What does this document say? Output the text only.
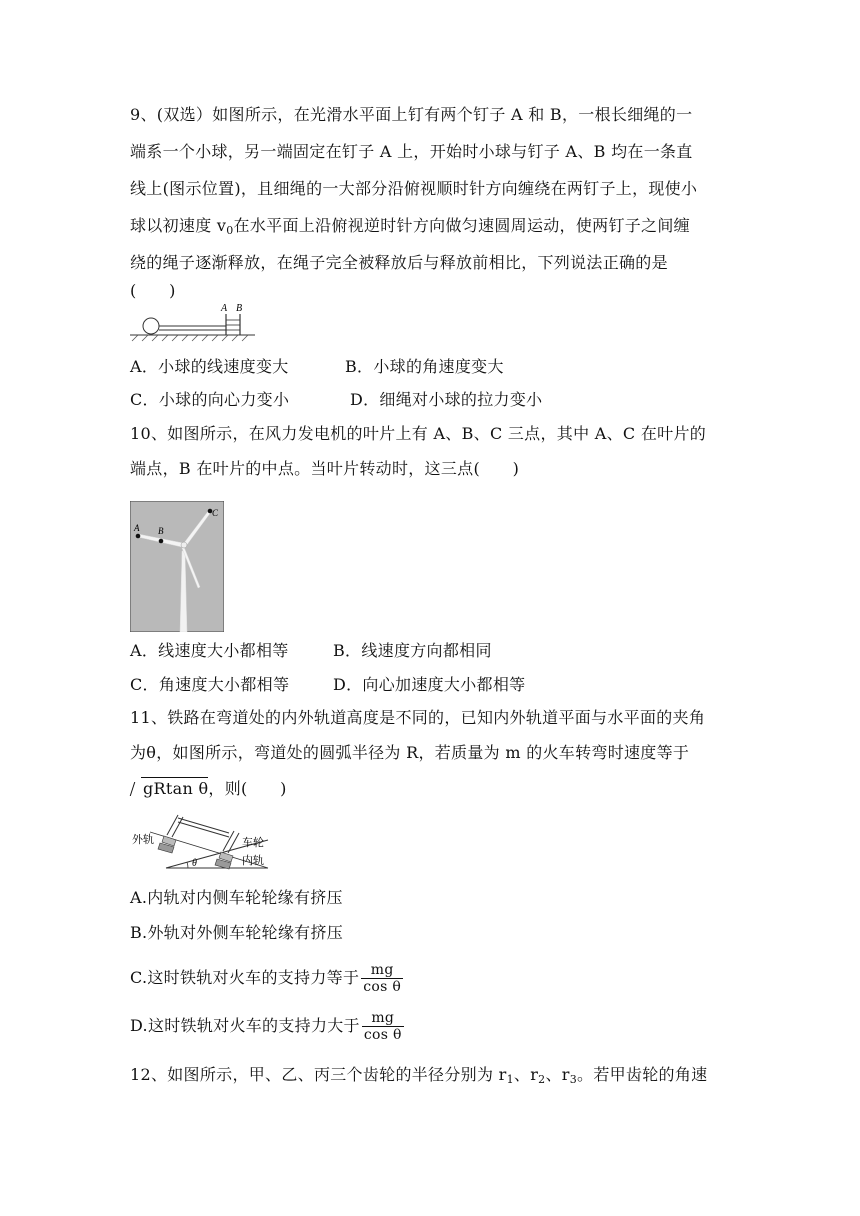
9、(双选）如图所示，在光滑水平面上钉有两个钉子 A 和 B，一根长细绳的一
端系一个小球，另一端固定在钉子 A 上，开始时小球与钉子 A、B 均在一条直
线上(图示位置)，且细绳的一大部分沿俯视顺时针方向缠绕在两钉子上，现使小
球以初速度 $v_0$在水平面上沿俯视逆时针方向做匀速圆周运动，使两钉子之间缠
绕的绳子逐渐释放，在绳子完全被释放后与释放前相比，下列说法正确的是
(　　)
A B
A．小球的线速度变大	B．小球的角速度变大
C．小球的向心力变小	D．细绳对小球的拉力变小
10、如图所示，在风力发电机的叶片上有 A、B、C 三点，其中 A、C 在叶片的
端点，B 在叶片的中点。当叶片转动时，这三点(　　)
A B
C
A．线速度大小都相等	B．线速度方向都相同
C．角速度大小都相等	D．向心加速度大小都相等
11、铁路在弯道处的内外轨道高度是不同的，已知内外轨道平面与水平面的夹角
为θ，如图所示，弯道处的圆弧半径为 R，若质量为 m 的火车转弯时速度等于
gRtan θ，则(　　)
θ
外轨	车轮
内轨
A.内轨对内侧车轮轮缘有挤压
B.外轨对外侧车轮轮缘有挤压
C.这时铁轨对火车的支持力等于 $\frac{mg}{\text{cos θ}}$
D.这时铁轨对火车的支持力大于 $\frac{mg}{\text{cos θ}}$
12、如图所示，甲、乙、丙三个齿轮的半径分别为 $r_1$、$r_2$、$r_3$。若甲齿轮的角速
